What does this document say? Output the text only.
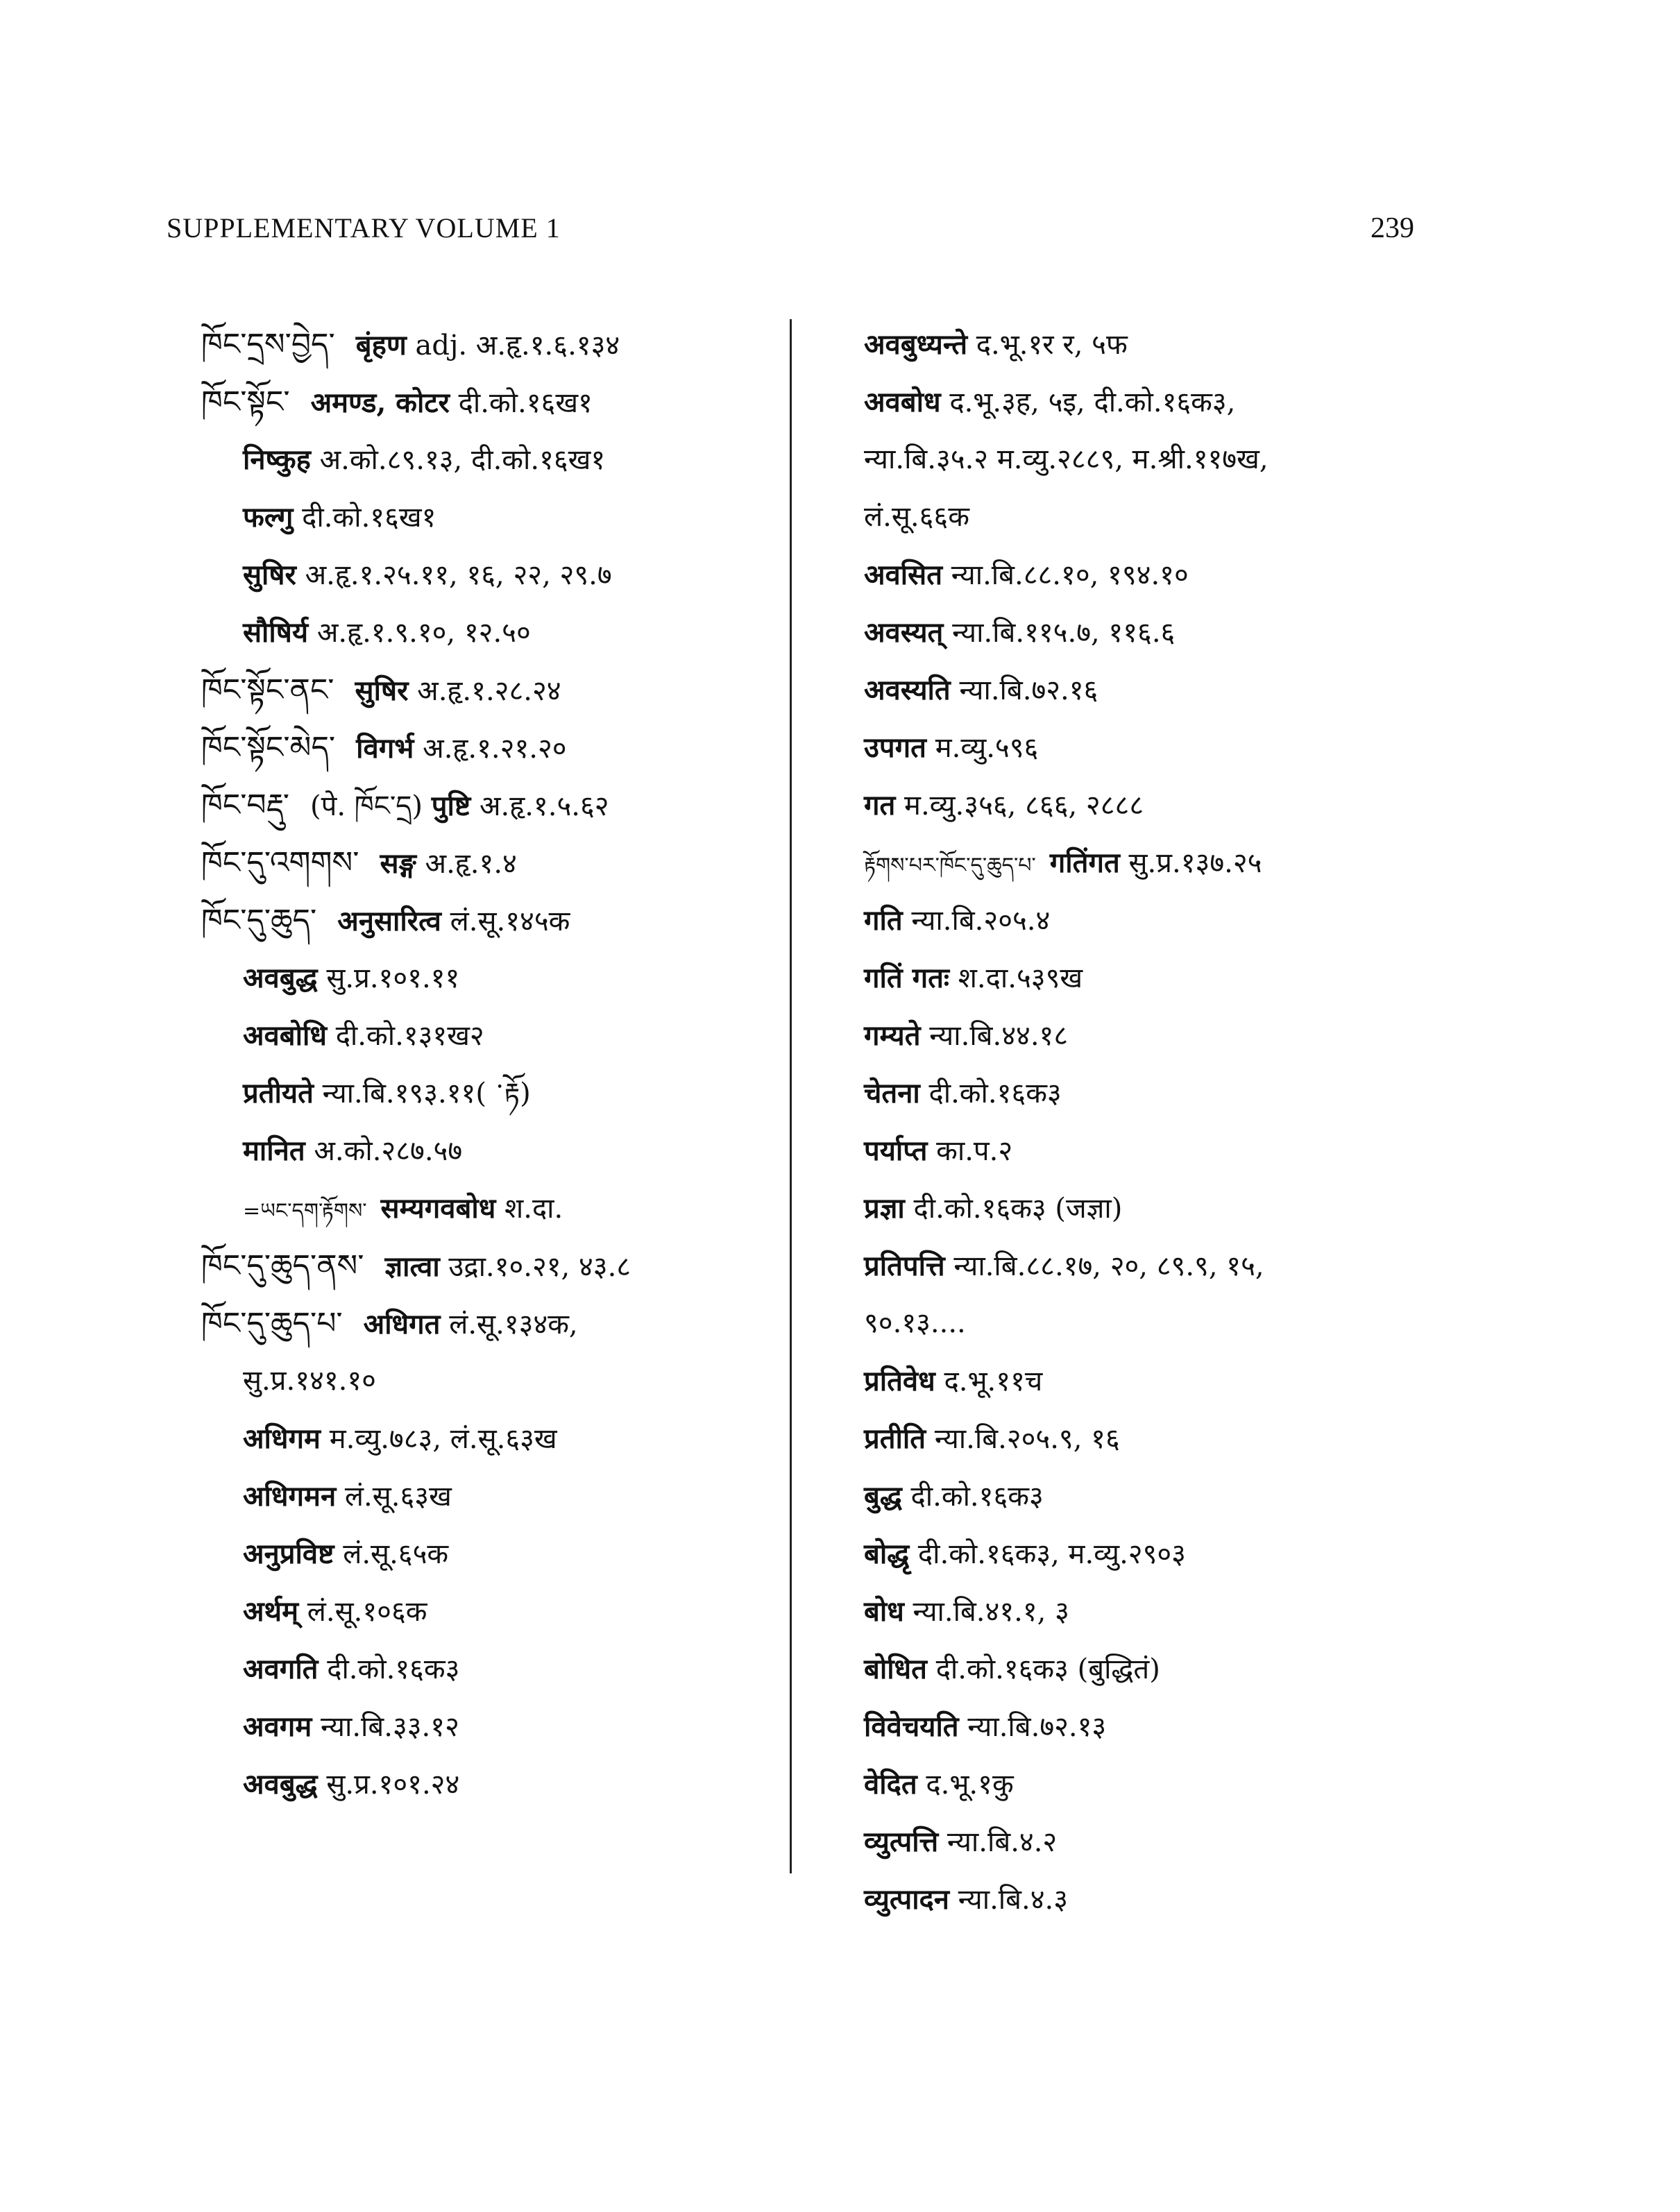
SUPPLEMENTARY VOLUME 1	239
ཁོང་དྲས་བྱེད་ बृंहण adj. अ.हृ.१.६.१३४
ཁོང་སྟོང་ अमण्ड, कोटर दी.को.१६ख१
निष्कुह अ.को.८९.१३, दी.को.१६ख१
फल्गु दी.को.१६ख१
सुषिर अ.हृ.१.२५.११, १६, २२, २९.७
सौषिर्य अ.हृ.१.९.१०, १२.५०
ཁོང་སྟོང་ནང་ सुषिर अ.हृ.१.२८.२४
ཁོང་སྟོང་མེད་ विगर्भ अ.हृ.१.२१.२०
ཁོང་བརྡུ་ (पे. ཁོང་དྲ) पुष्टि अ.हृ.१.५.६२
ཁོང་དུ་འགགས་ सङ्ग अ.हृ.१.४
ཁོང་དུ་ཆུད་ अनुसारित्व लं.सू.१४५क
अवबुद्ध सु.प्र.१०१.११
अवबोधि दी.को.१३१ख२
प्रतीयते न्या.बि.१९३.११( ॱརྟོ)
मानित अ.को.२८७.५७
=ཡང་དག་རྟོགས་ सम्यगवबोध श.दा.
ཁོང་དུ་ཆུད་ནས་ ज्ञात्वा उद्रा.१०.२१, ४३.८
ཁོང་དུ་ཆུད་པ་ अधिगत लं.सू.१३४क,
सु.प्र.१४१.१०
अधिगम म.व्यु.७८३, लं.सू.६३ख
अधिगमन लं.सू.६३ख
अनुप्रविष्ट लं.सू.६५क
अर्थम् लं.सू.१०६क
अवगति दी.को.१६क३
अवगम न्या.बि.३३.१२
अवबुद्ध सु.प्र.१०१.२४
अवबुध्यन्ते द.भू.१र र, ५फ
अवबोध द.भू.३ह, ५इ, दी.को.१६क३,
न्या.बि.३५.२ म.व्यु.२८८९, म.श्री.११७ख,
लं.सू.६६क
अवसित न्या.बि.८८.१०, १९४.१०
अवस्यत् न्या.बि.११५.७, ११६.६
अवस्यति न्या.बि.७२.१६
उपगत म.व्यु.५९६
गत म.व्यु.३५६, ८६६, २८८८
རྟོགས་པར་ཁོང་དུ་ཆུད་པ་ गतिंगत सु.प्र.१३७.२५
गति न्या.बि.२०५.४
गतिं गतः श.दा.५३९ख
गम्यते न्या.बि.४४.१८
चेतना दी.को.१६क३
पर्याप्त का.प.२
प्रज्ञा दी.को.१६क३ (जज्ञा)
प्रतिपत्ति न्या.बि.८८.१७, २०, ८९.९, १५,
९०.१३....
प्रतिवेध द.भू.११च
प्रतीति न्या.बि.२०५.९, १६
बुद्ध दी.को.१६क३
बोद्धृ दी.को.१६क३, म.व्यु.२९०३
बोध न्या.बि.४१.१, ३
बोधित दी.को.१६क३ (बुद्धितं)
विवेचयति न्या.बि.७२.१३
वेदित द.भू.१कु
व्युत्पत्ति न्या.बि.४.२
व्युत्पादन न्या.बि.४.३
